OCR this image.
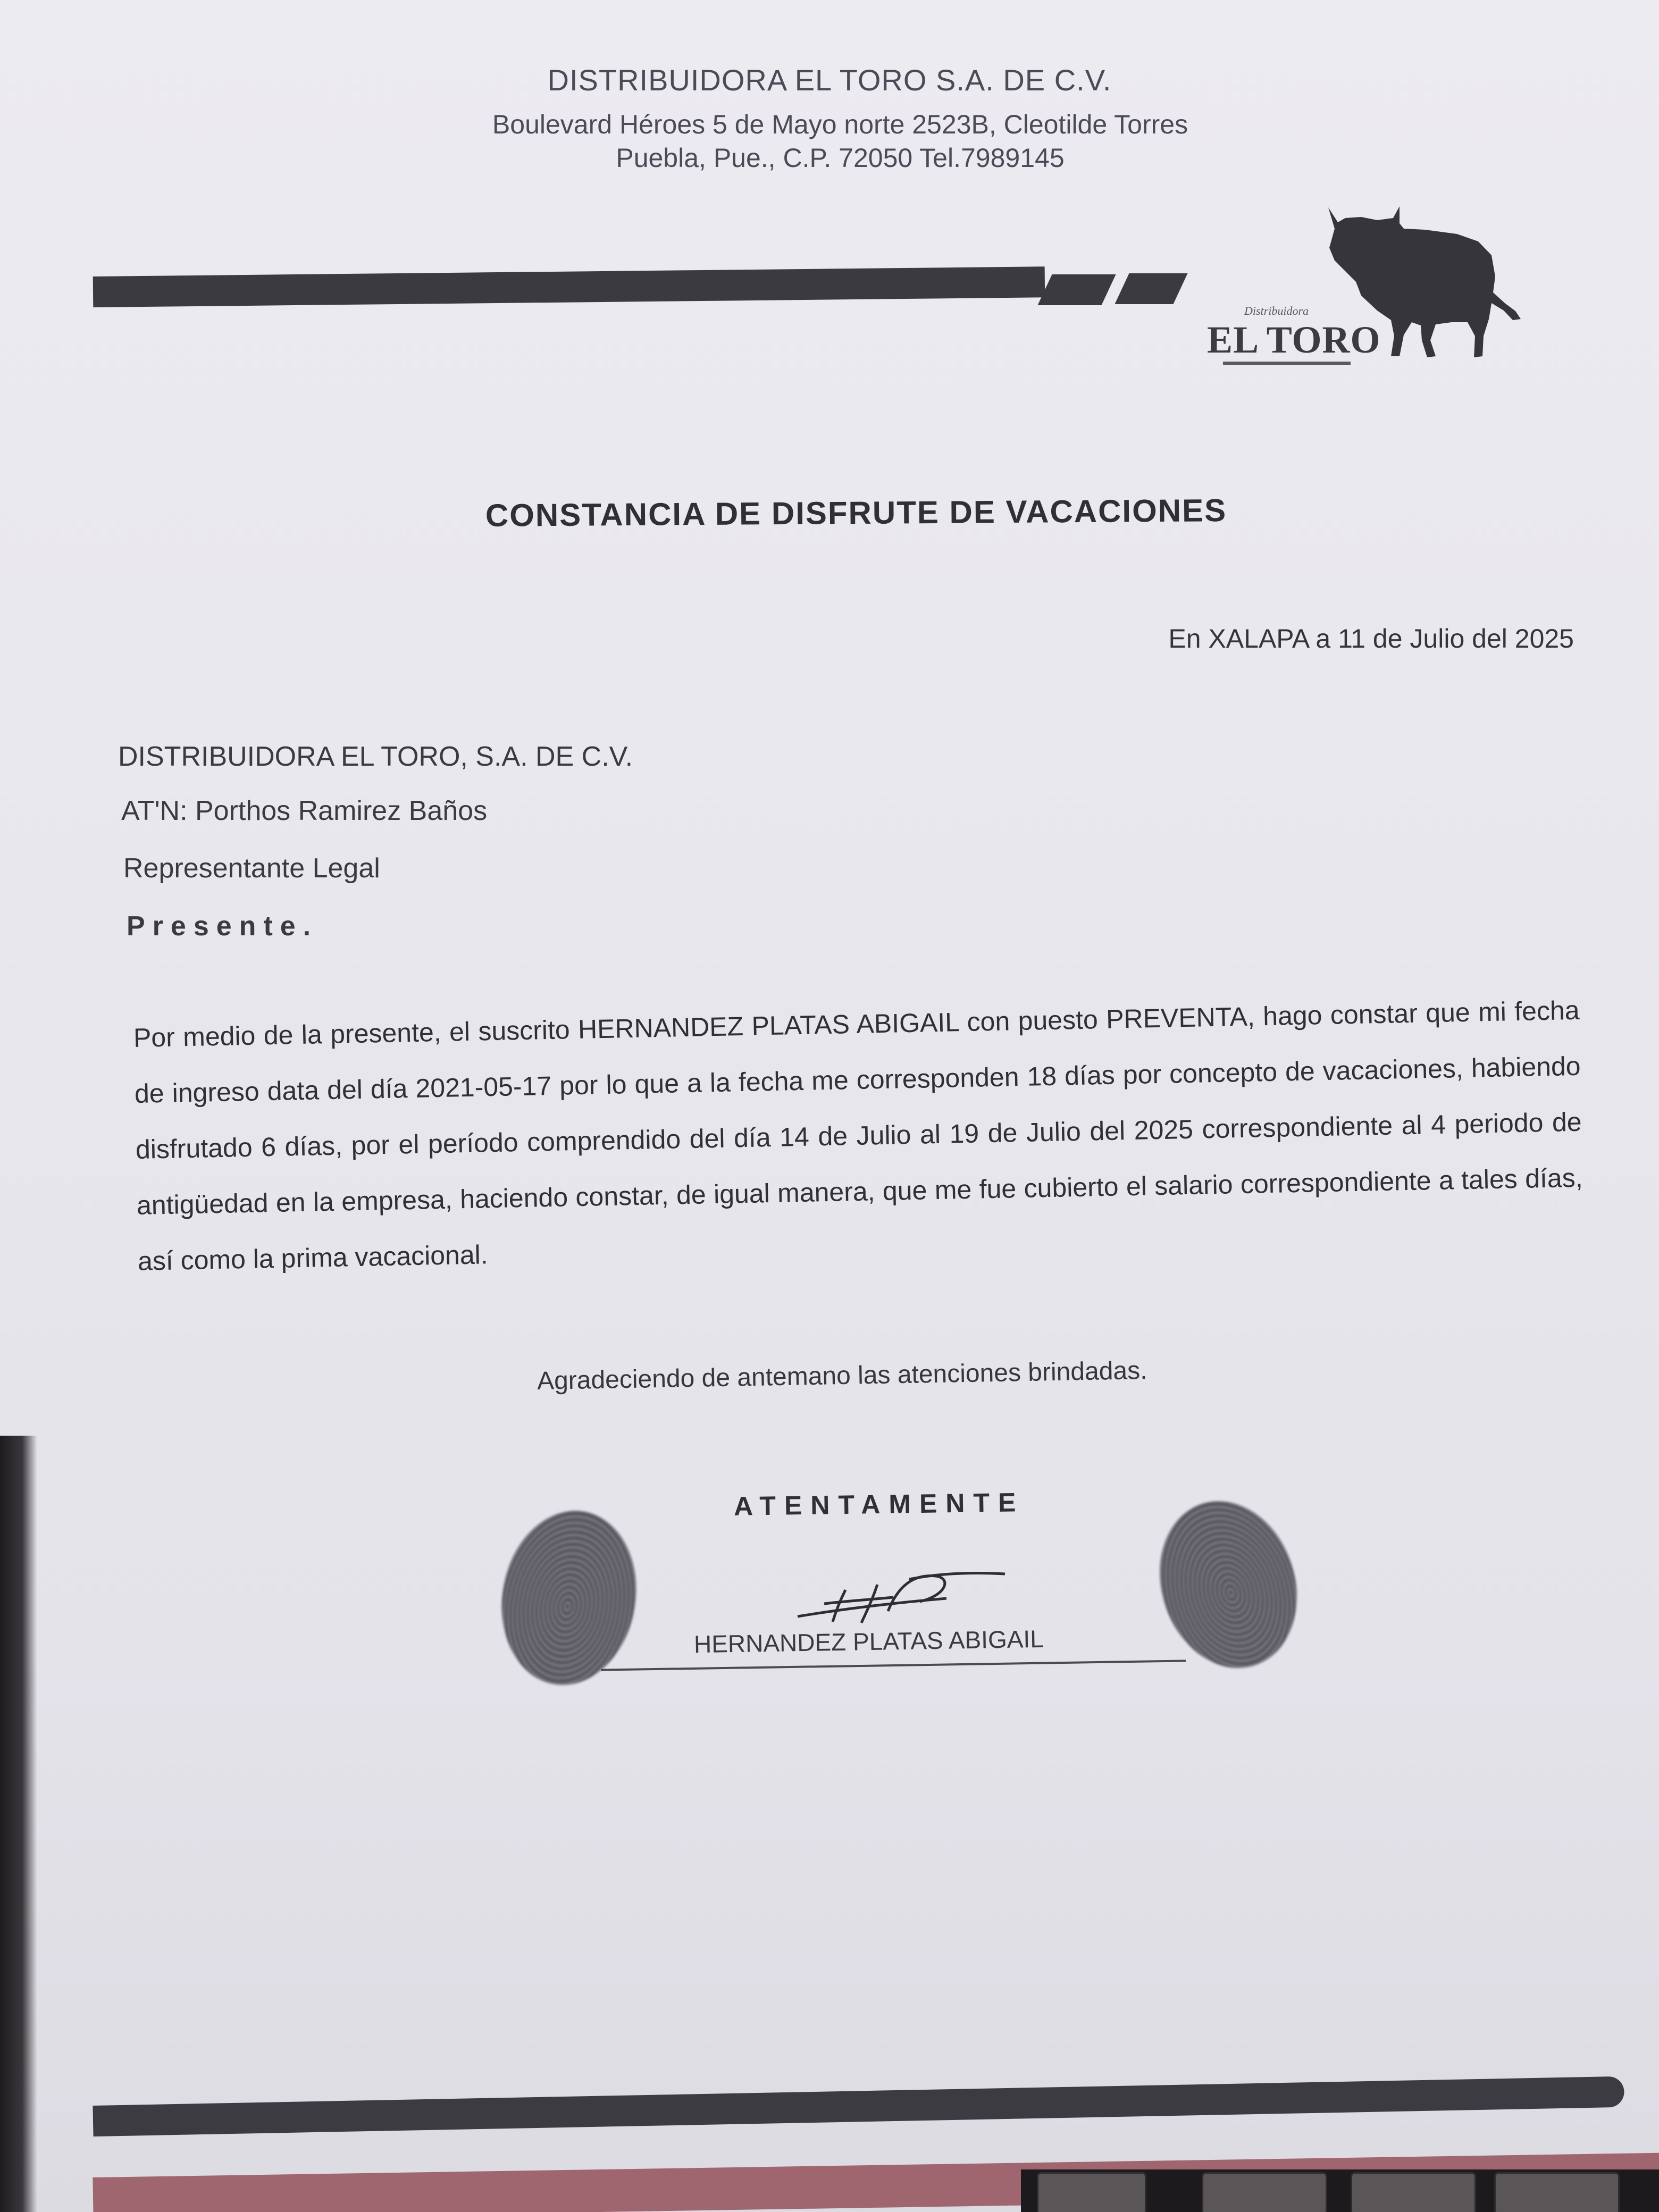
DISTRIBUIDORA EL TORO S.A. DE C.V.
Boulevard Héroes 5 de Mayo norte 2523B, Cleotilde Torres
Puebla, Pue., C.P. 72050 Tel.7989145
Distribuidora
EL TORO
CONSTANCIA DE DISFRUTE DE VACACIONES
En XALAPA a 11 de Julio del 2025
DISTRIBUIDORA EL TORO, S.A. DE C.V.
AT'N: Porthos Ramirez Baños
Representante Legal
Presente.
Por medio de la presente, el suscrito HERNANDEZ PLATAS ABIGAIL con puesto PREVENTA, hago constar que mi fecha de ingreso data del día 2021-05-17 por lo que a la fecha me corresponden 18 días por concepto de vacaciones, habiendo disfrutado 6 días, por el período comprendido del día 14 de Julio al 19 de Julio del 2025 correspondiente al 4 periodo de antigüedad en la empresa, haciendo constar, de igual manera, que me fue cubierto el salario correspondiente a tales días, así como la prima vacacional.
Agradeciendo de antemano las atenciones brindadas.
ATENTAMENTE
HERNANDEZ PLATAS ABIGAIL
